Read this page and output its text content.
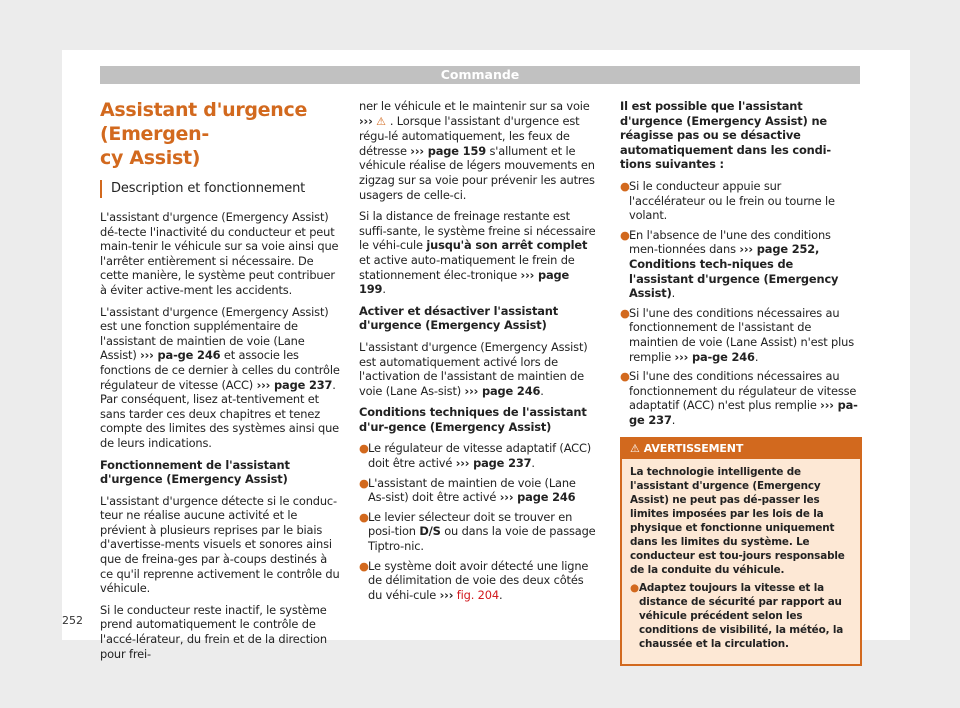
Commande
Assistant d'urgence (Emergen-
cy Assist)
Description et fonctionnement

L'assistant d'urgence (Emergency Assist) dé-tecte l'inactivité du conducteur et peut main-tenir le véhicule sur sa voie ainsi que l'arrêter entièrement si nécessaire. De cette manière, le système peut contribuer à éviter active-ment les accidents.

L'assistant d'urgence (Emergency Assist) est une fonction supplémentaire de l'assistant de maintien de voie (Lane Assist) ››› pa-ge 246 et associe les fonctions de ce dernier à celles du contrôle régulateur de vitesse (ACC) ››› page 237. Par conséquent, lisez at-tentivement et sans tarder ces deux chapitres et tenez compte des limites des systèmes ainsi que de leurs indications.

Fonctionnement de l'assistant d'urgence (Emergency Assist)

L'assistant d'urgence détecte si le conduc-teur ne réalise aucune activité et le prévient à plusieurs reprises par le biais d'avertisse-ments visuels et sonores ainsi que de freina-ges par à-coups destinés à ce qu'il reprenne activement le contrôle du véhicule.

Si le conducteur reste inactif, le système prend automatiquement le contrôle de l'accé-lérateur, du frein et de la direction pour frei-

ner le véhicule et le maintenir sur sa voie ››› ⚠ . Lorsque l'assistant d'urgence est régu-lé automatiquement, les feux de détresse ››› page 159 s'allument et le véhicule réalise de légers mouvements en zigzag sur sa voie pour prévenir les autres usagers de celle-ci.

Si la distance de freinage restante est suffi-sante, le système freine si nécessaire le véhi-cule jusqu'à son arrêt complet et active auto-matiquement le frein de stationnement élec-tronique ››› page 199.

Activer et désactiver l'assistant d'urgence (Emergency Assist)

L'assistant d'urgence (Emergency Assist) est automatiquement activé lors de l'activation de l'assistant de maintien de voie (Lane As-sist) ››› page 246.

Conditions techniques de l'assistant d'ur-gence (Emergency Assist)

● Le régulateur de vitesse adaptatif (ACC) doit être activé ››› page 237.
● L'assistant de maintien de voie (Lane As-sist) doit être activé ››› page 246
● Le levier sélecteur doit se trouver en posi-tion D/S ou dans la voie de passage Tiptro-nic.
● Le système doit avoir détecté une ligne de délimitation de voie des deux côtés du véhi-cule ››› fig. 204.

Il est possible que l'assistant d'urgence (Emergency Assist) ne réagisse pas ou se désactive automatiquement dans les condi-tions suivantes :

● Si le conducteur appuie sur l'accélérateur ou le frein ou tourne le volant.
● En l'absence de l'une des conditions men-tionnées dans ››› page 252, Conditions tech-niques de l'assistant d'urgence (Emergency Assist).
● Si l'une des conditions nécessaires au fonctionnement de l'assistant de maintien de voie (Lane Assist) n'est plus remplie ››› pa-ge 246.
● Si l'une des conditions nécessaires au fonctionnement du régulateur de vitesse adaptatif (ACC) n'est plus remplie ››› pa-ge 237.
⚠ AVERTISSEMENT

La technologie intelligente de l'assistant d'urgence (Emergency Assist) ne peut pas dé-passer les limites imposées par les lois de la physique et fonctionne uniquement dans les limites du système. Le conducteur est tou-jours responsable de la conduite du véhicule.

● Adaptez toujours la vitesse et la distance de sécurité par rapport au véhicule précédent selon les conditions de visibilité, la météo, la chaussée et la circulation.
252
